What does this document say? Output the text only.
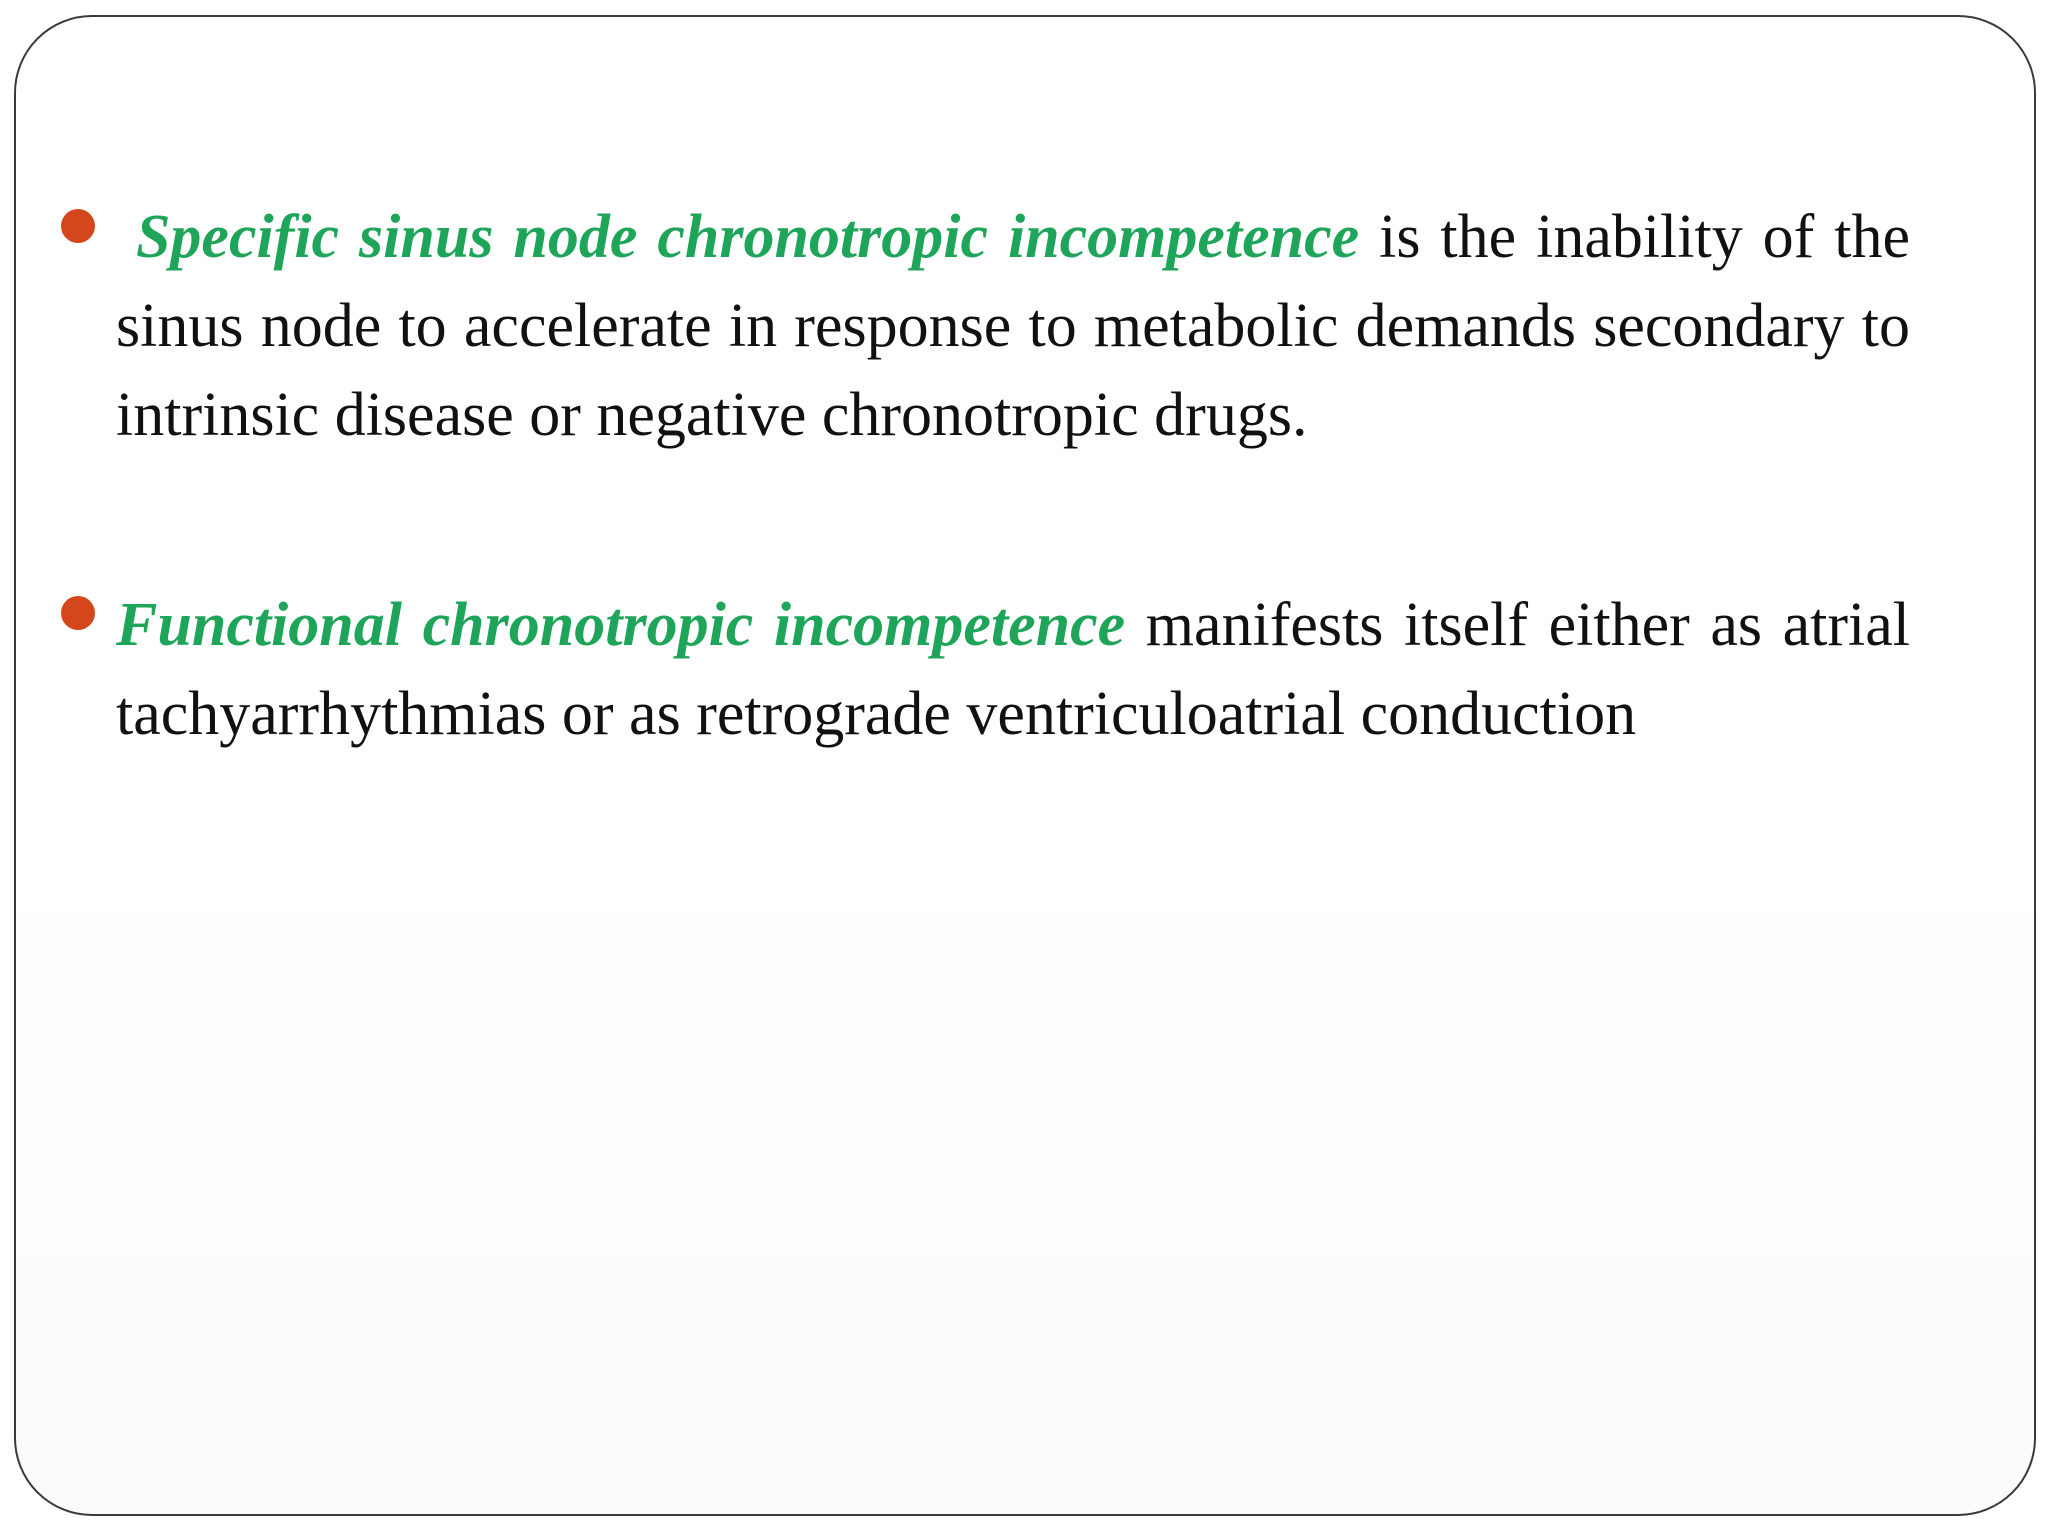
Specific sinus node chronotropic incompetence is the inability of the sinus node to accelerate in response to metabolic demands secondary to intrinsic disease or negative chronotropic drugs.

Functional chronotropic incompetence manifests itself either as atrial tachyarrhythmias or as retrograde ventriculoatrial conduction
